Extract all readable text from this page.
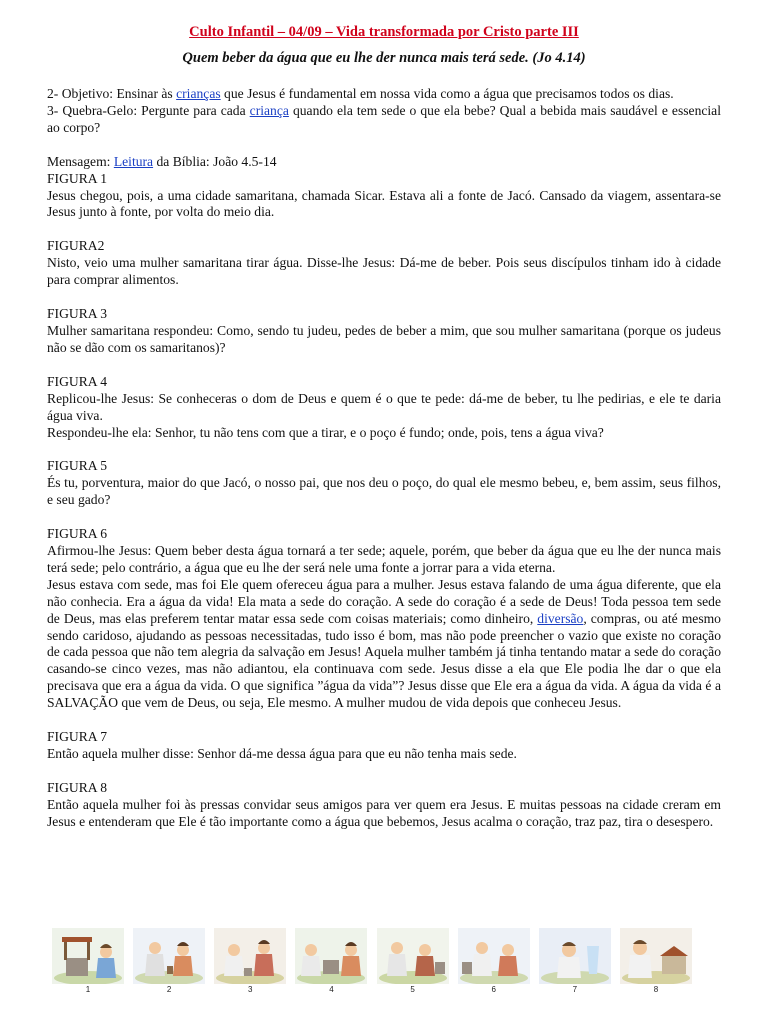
Culto Infantil – 04/09 – Vida transformada por Cristo parte III
Quem beber da água que eu lhe der nunca mais terá sede. (Jo 4.14)

2- Objetivo: Ensinar às crianças que Jesus é fundamental em nossa vida como a água que precisamos todos os dias.

3- Quebra-Gelo: Pergunte para cada criança quando ela tem sede o que ela bebe? Qual a bebida mais saudável e essencial ao corpo?

Mensagem: Leitura da Bíblia: João 4.5-14

FIGURA 1

Jesus chegou, pois, a uma cidade samaritana, chamada Sicar. Estava ali a fonte de Jacó. Cansado da viagem, assentara-se Jesus junto à fonte, por volta do meio dia.

FIGURA2

Nisto, veio uma mulher samaritana tirar água. Disse-lhe Jesus: Dá-me de beber. Pois seus discípulos tinham ido à cidade para comprar alimentos.

FIGURA 3

Mulher samaritana respondeu: Como, sendo tu judeu, pedes de beber a mim, que sou mulher samaritana (porque os judeus não se dão com os samaritanos)?

FIGURA 4

Replicou-lhe Jesus: Se conheceras o dom de Deus e quem é o que te pede: dá-me de beber, tu lhe pedirias, e ele te daria água viva.

Respondeu-lhe ela: Senhor, tu não tens com que a tirar, e o poço é fundo; onde, pois, tens a água viva?

FIGURA 5

És tu, porventura, maior do que Jacó, o nosso pai, que nos deu o poço, do qual ele mesmo bebeu, e, bem assim, seus filhos, e seu gado?

FIGURA 6

Afirmou-lhe Jesus: Quem beber desta água tornará a ter sede; aquele, porém, que beber da água que eu lhe der nunca mais terá sede; pelo contrário, a água que eu lhe der será nele uma fonte a jorrar para a vida eterna.

Jesus estava com sede, mas foi Ele quem ofereceu água para a mulher. Jesus estava falando de uma água diferente, que ela não conhecia. Era a água da vida! Ela mata a sede do coração. A sede do coração é a sede de Deus! Toda pessoa tem sede de Deus, mas elas preferem tentar matar essa sede com coisas materiais; como dinheiro, diversão, compras, ou até mesmo sendo caridoso, ajudando as pessoas necessitadas, tudo isso é bom, mas não pode preencher o vazio que existe no coração de cada pessoa que não tem alegria da salvação em Jesus! Aquela mulher também já tinha tentando matar a sede do coração casando-se cinco vezes, mas não adiantou, ela continuava com sede. Jesus disse a ela que Ele podia lhe dar o que ela precisava que era a água da vida. O que significa ”água da vida”? Jesus disse que Ele era a água da vida. A água da vida é a SALVAÇÃO que vem de Deus, ou seja, Ele mesmo. A mulher mudou de vida depois que conheceu Jesus.

FIGURA 7

Então aquela mulher disse: Senhor dá-me dessa água para que eu não tenha mais sede.

FIGURA 8

Então aquela mulher foi às pressas convidar seus amigos para ver quem era Jesus. E muitas pessoas na cidade creram em Jesus e entenderam que Ele é tão importante como a água que bebemos, Jesus acalma o coração, traz paz, tira o desespero.

1	2	3	4	5	6	7	8
